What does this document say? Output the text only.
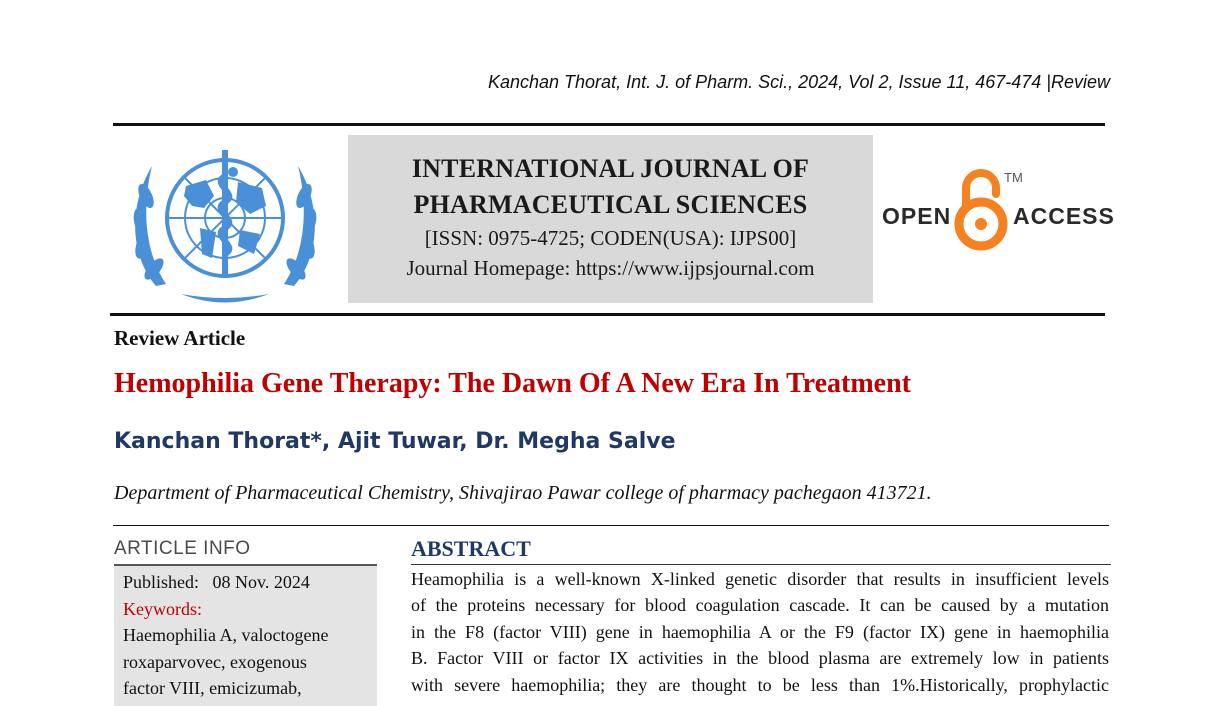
Kanchan Thorat, Int. J. of Pharm. Sci., 2024, Vol 2, Issue 11, 467-474 |Review
INTERNATIONAL JOURNAL OF
PHARMACEUTICAL SCIENCES
[ISSN: 0975-4725; CODEN(USA): IJPS00]
Journal Homepage: https://www.ijpsjournal.com
OPEN
TM
ACCESS
Review Article
Hemophilia Gene Therapy: The Dawn Of A New Era In Treatment
Kanchan Thorat*, Ajit Tuwar, Dr. Megha Salve
Department of Pharmaceutical Chemistry, Shivajirao Pawar college of pharmacy pachegaon 413721.
ARTICLE INFO
Published: 08 Nov. 2024
Keywords:
Haemophilia A, valoctogene
roxaparvovec, exogenous
factor VIII, emicizumab,
ABSTRACT
Heamophilia is a well-known X-linked genetic disorder that results in insufficient levels
of the proteins necessary for blood coagulation cascade. It can be caused by a mutation
in the F8 (factor VIII) gene in haemophilia A or the F9 (factor IX) gene in haemophilia
B. Factor VIII or factor IX activities in the blood plasma are extremely low in patients
with severe haemophilia; they are thought to be less than 1%.Historically, prophylactic
